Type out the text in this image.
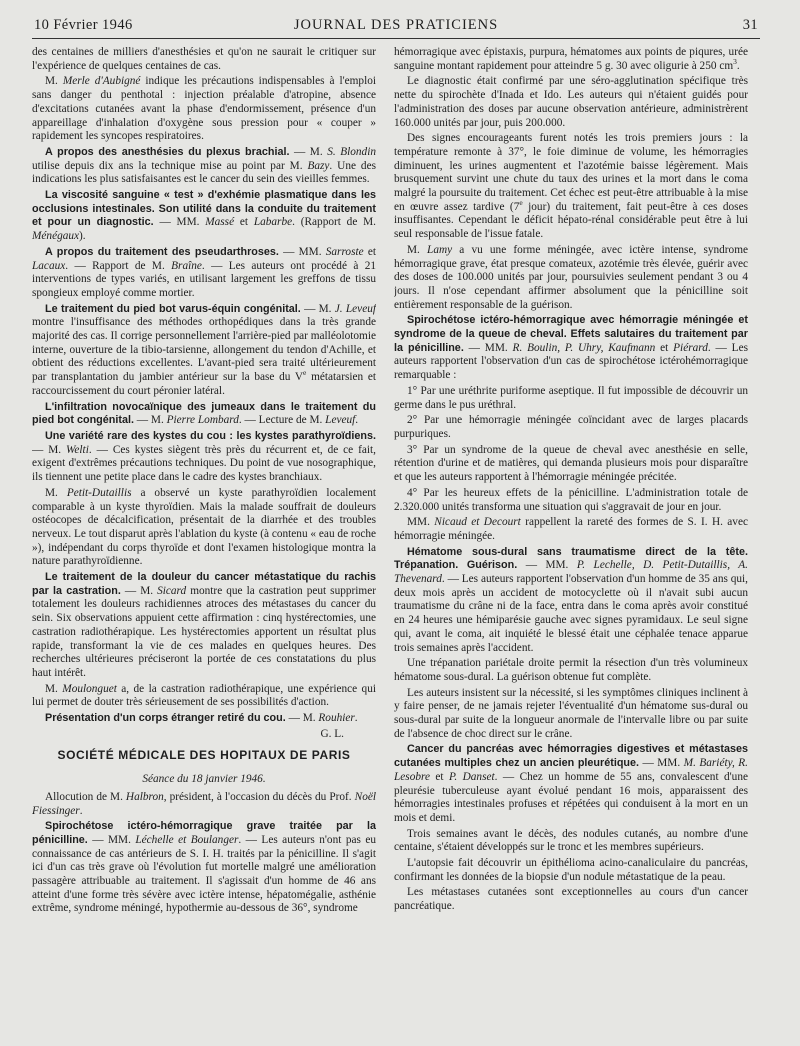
10 Février 1946	JOURNAL DES PRATICIENS	31

des centaines de milliers d'anesthésies et qu'on ne saurait le critiquer sur l'expérience de quelques centaines de cas.

M. Merle d'Aubigné indique les précautions indispensables à l'emploi sans danger du penthotal : injection préalable d'atropine, absence d'excitations cutanées avant la phase d'endormissement, présence d'un appareillage d'inhalation d'oxygène sous pression pour « couper » rapidement les syncopes respiratoires.

A propos des anesthésies du plexus brachial. — M. S. Blondin utilise depuis dix ans la technique mise au point par M. Bazy. Une des indications les plus satisfaisantes est le cancer du sein des vieilles femmes.

La viscosité sanguine « test » d'exhémie plasmatique dans les occlusions intestinales. Son utilité dans la conduite du traitement et pour un diagnostic. — MM. Massé et Labarbe. (Rapport de M. Ménégaux).

A propos du traitement des pseudarthroses. — MM. Sarroste et Lacaux. — Rapport de M. Braîne. — Les auteurs ont procédé à 21 interventions de types variés, en utilisant largement les greffons de tissu spongieux employé comme mortier.

Le traitement du pied bot varus-équin congénital. — M. J. Leveuf montre l'insuffisance des méthodes orthopédiques dans la très grande majorité des cas. Il corrige personnellement l'arrière-pied par malléolotomie interne, ouverture de la tibio-tarsienne, allongement du tendon d'Achille, et obtient des réductions excellentes. L'avant-pied sera traité ultérieurement par transplantation du jambier antérieur sur la base du Ve métatarsien et raccourcissement du court péronier latéral.

L'infiltration novocaïnique des jumeaux dans le traitement du pied bot congénital. — M. Pierre Lombard. — Lecture de M. Leveuf.

Une variété rare des kystes du cou : les kystes parathyroïdiens. — M. Welti. — Ces kystes siègent très près du récurrent et, de ce fait, exigent d'extrêmes précautions techniques. Du point de vue nosographique, ils tiennent une petite place dans le cadre des kystes branchiaux.

M. Petit-Dutaillis a observé un kyste parathyroïdien localement comparable à un kyste thyroïdien. Mais la malade souffrait de douleurs ostéocopes de décalcification, présentait de la diarrhée et des troubles nerveux. Le tout disparut après l'ablation du kyste (à contenu « eau de roche »), indépendant du corps thyroïde et dont l'examen histologique montra la nature parathyroïdienne.

Le traitement de la douleur du cancer métastatique du rachis par la castration. — M. Sicard montre que la castration peut supprimer totalement les douleurs rachidiennes atroces des métastases du cancer du sein. Six observations appuient cette affirmation : cinq hystérectomies, une castration radiothérapique. Les hystérectomies apportent un résultat plus rapide, transformant la vie de ces malades en quelques heures. Des recherches ultérieures préciseront la portée de ces constatations du plus haut intérêt.

M. Moulonguet a, de la castration radiothérapique, une expérience qui lui permet de douter très sérieusement de ses possibilités d'action.

Présentation d'un corps étranger retiré du cou. — M. Rouhier.

G. L.

SOCIÉTÉ MÉDICALE DES HOPITAUX DE PARIS
Séance du 18 janvier 1946.

Allocution de M. Halbron, président, à l'occasion du décès du Prof. Noël Fiessinger.

Spirochétose ictéro-hémorragique grave traitée par la pénicilline. — MM. Léchelle et Boulanger. — Les auteurs n'ont pas eu connaissance de cas antérieurs de S. I. H. traités par la pénicilline. Il s'agit ici d'un cas très grave où l'évolution fut mortelle malgré une amélioration passagère attribuable au traitement. Il s'agissait d'un homme de 46 ans atteint d'une forme très sévère avec ictère intense, hépatomégalie, asthénie extrême, syndrome méningé, hypothermie au-dessous de 36°, syndrome

hémorragique avec épistaxis, purpura, hématomes aux points de piqures, urée sanguine montant rapidement pour atteindre 5 g. 30 avec oligurie à 250 $cm^3$.

Le diagnostic était confirmé par une séro-agglutination spécifique très nette du spirochète d'Inada et Ido. Les auteurs qui n'étaient guidés pour l'administration des doses par aucune observation antérieure, administrèrent 160.000 unités par jour, puis 200.000.

Des signes encourageants furent notés les trois premiers jours : la température remonte à 37°, le foie diminue de volume, les hémorragies diminuent, les urines augmentent et l'azotémie baisse légèrement. Mais brusquement survint une chute du taux des urines et la mort dans le coma malgré la poursuite du traitement. Cet échec est peut-être attribuable à la mise en œuvre assez tardive (7e jour) du traitement, fait peut-être à ces doses insuffisantes. Cependant le déficit hépato-rénal considérable peut être à lui seul responsable de l'issue fatale.

M. Lamy a vu une forme méningée, avec ictère intense, syndrome hémorragique grave, état presque comateux, azotémie très élevée, guérir avec des doses de 100.000 unités par jour, poursuivies seulement pendant 3 ou 4 jours. Il n'ose cependant affirmer absolument que la pénicilline soit entièrement responsable de la guérison.

Spirochétose ictéro-hémorragique avec hémorragie méningée et syndrome de la queue de cheval. Effets salutaires du traitement par la pénicilline. — MM. R. Boulin, P. Uhry, Kaufmann et Piérard. — Les auteurs rapportent l'observation d'un cas de spirochétose ictérohémorragique remarquable :

1° Par une uréthrite puriforme aseptique. Il fut impossible de découvrir un germe dans le pus uréthral.

2° Par une hémorragie méningée coïncidant avec de larges placards purpuriques.

3° Par un syndrome de la queue de cheval avec anesthésie en selle, rétention d'urine et de matières, qui demanda plusieurs mois pour disparaître et que les auteurs rapportent à l'hémorragie méningée précitée.

4° Par les heureux effets de la pénicilline. L'administration totale de 2.320.000 unités transforma une situation qui s'aggravait de jour en jour.

MM. Nicaud et Decourt rappellent la rareté des formes de S. I. H. avec hémorragie méningée.

Hématome sous-dural sans traumatisme direct de la tête. Trépanation. Guérison. — MM. P. Lechelle, D. Petit-Dutaillis, A. Thevenard. — Les auteurs rapportent l'observation d'un homme de 35 ans qui, deux mois après un accident de motocyclette où il n'avait subi aucun traumatisme du crâne ni de la face, entra dans le coma après avoir constitué en 24 heures une hémiparésie gauche avec signes pyramidaux. Le seul signe qui, avant le coma, ait inquiété le blessé était une céphalée tenace apparue trois semaines après l'accident.

Une trépanation pariétale droite permit la résection d'un très volumineux hématome sous-dural. La guérison obtenue fut complète.

Les auteurs insistent sur la nécessité, si les symptômes cliniques inclinent à y faire penser, de ne jamais rejeter l'éventualité d'un hématome sus-dural ou sous-dural par suite de la longueur anormale de l'intervalle libre ou par suite de l'absence de choc direct sur le crâne.

Cancer du pancréas avec hémorragies digestives et métastases cutanées multiples chez un ancien pleurétique. — MM. M. Bariéty, R. Lesobre et P. Danset. — Chez un homme de 55 ans, convalescent d'une pleurésie tuberculeuse ayant évolué pendant 16 mois, apparaissent des hémorragies intestinales profuses et répétées qui conduisent à la mort en un mois et demi.

Trois semaines avant le décès, des nodules cutanés, au nombre d'une centaine, s'étaient développés sur le tronc et les membres supérieurs.

L'autopsie fait découvrir un épithélioma acino-canaliculaire du pancréas, confirmant les données de la biopsie d'un nodule métastatique de la peau.

Les métastases cutanées sont exceptionnelles au cours d'un cancer pancréatique.
